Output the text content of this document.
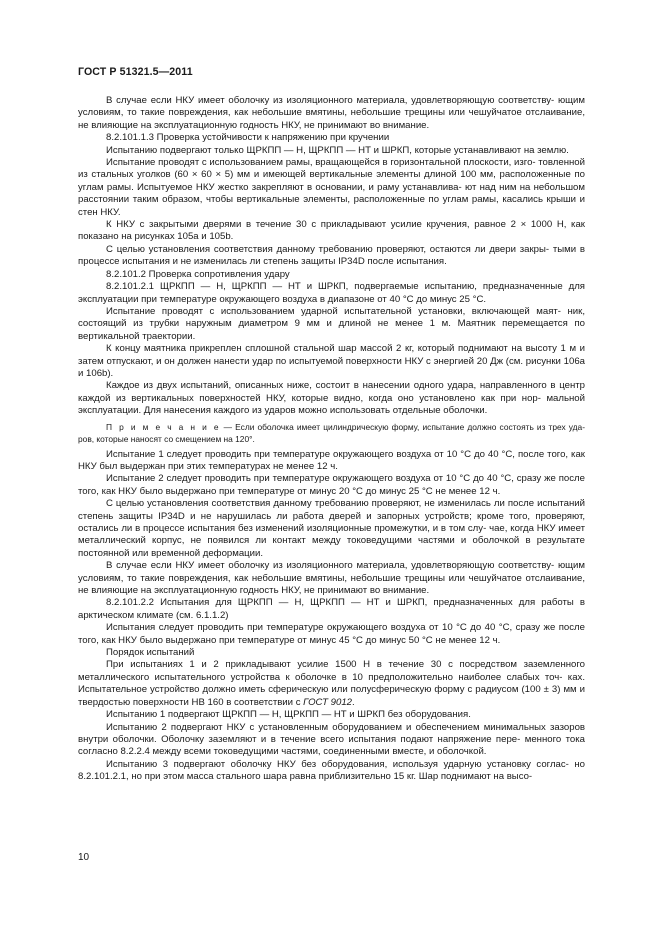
ГОСТ Р 51321.5—2011

В случае если НКУ имеет оболочку из изоляционного материала, удовлетворяющую соответству- ющим условиям, то такие повреждения, как небольшие вмятины, небольшие трещины или чешуйчатое отслаивание, не влияющие на эксплуатационную годность НКУ, не принимают во внимание.

8.2.101.1.3 Проверка устойчивости к напряжению при кручении

Испытанию подвергают только ЩРКПП — Н, ЩРКПП — НТ и ШРКП, которые устанавливают на землю.

Испытание проводят с использованием рамы, вращающейся в горизонтальной плоскости, изго- товленной из стальных уголков (60 × 60 × 5) мм и имеющей вертикальные элементы длиной 100 мм, расположенные по углам рамы. Испытуемое НКУ жестко закрепляют в основании, и раму устанавлива- ют над ним на небольшом расстоянии таким образом, чтобы вертикальные элементы, расположенные по углам рамы, касались крыши и стен НКУ.

К НКУ с закрытыми дверями в течение 30 с прикладывают усилие кручения, равное 2 × 1000 Н, как показано на рисунках 105а и 105b.

С целью установления соответствия данному требованию проверяют, остаются ли двери закры- тыми в процессе испытания и не изменилась ли степень защиты IP34D после испытания.

8.2.101.2 Проверка сопротивления удару

8.2.101.2.1 ЩРКПП — Н, ЩРКПП — НТ и ШРКП, подвергаемые испытанию, предназначенные для эксплуатации при температуре окружающего воздуха в диапазоне от 40 °С до минус 25 °С.

Испытание проводят с использованием ударной испытательной установки, включающей маят- ник, состоящий из трубки наружным диаметром 9 мм и длиной не менее 1 м. Маятник перемещается по вертикальной траектории.

К концу маятника прикреплен сплошной стальной шар массой 2 кг, который поднимают на высоту 1 м и затем отпускают, и он должен нанести удар по испытуемой поверхности НКУ с энергией 20 Дж (см. рисунки 106а и 106b).

Каждое из двух испытаний, описанных ниже, состоит в нанесении одного удара, направленного в центр каждой из вертикальных поверхностей НКУ, которые видно, когда оно установлено как при нор- мальной эксплуатации. Для нанесения каждого из ударов можно использовать отдельные оболочки.

П р и м е ч а н и е — Если оболочка имеет цилиндрическую форму, испытание должно состоять из трех уда- ров, которые наносят со смещением на 120°.

Испытание 1 следует проводить при температуре окружающего воздуха от 10 °С до 40 °С, после того, как НКУ был выдержан при этих температурах не менее 12 ч.

Испытание 2 следует проводить при температуре окружающего воздуха от 10 °С до 40 °С, сразу же после того, как НКУ было выдержано при температуре от минус 20 °С до минус 25 °С не менее 12 ч.

С целью установления соответствия данному требованию проверяют, не изменилась ли после испытаний степень защиты IP34D и не нарушилась ли работа дверей и запорных устройств; кроме того, проверяют, остались ли в процессе испытания без изменений изоляционные промежутки, и в том слу- чае, когда НКУ имеет металлический корпус, не появился ли контакт между токоведущими частями и оболочкой в результате постоянной или временной деформации.

В случае если НКУ имеет оболочку из изоляционного материала, удовлетворяющую соответству- ющим условиям, то такие повреждения, как небольшие вмятины, небольшие трещины или чешуйчатое отслаивание, не влияющие на эксплуатационную годность НКУ, не принимают во внимание.

8.2.101.2.2 Испытания для ЩРКПП — Н, ЩРКПП — НТ и ШРКП, предназначенных для работы в арктическом климате (см. 6.1.1.2)

Испытания следует проводить при температуре окружающего воздуха от 10 °С до 40 °С, сразу же после того, как НКУ было выдержано при температуре от минус 45 °С до минус 50 °С не менее 12 ч.

Порядок испытаний

При испытаниях 1 и 2 прикладывают усилие 1500 Н в течение 30 с посредством заземленного металлического испытательного устройства к оболочке в 10 предположительно наиболее слабых точ- ках. Испытательное устройство должно иметь сферическую или полусферическую форму с радиусом (100 ± 3) мм и твердостью поверхности НВ 160 в соответствии с ГОСТ 9012.

Испытанию 1 подвергают ЩРКПП — Н, ЩРКПП — НТ и ШРКП без оборудования.

Испытанию 2 подвергают НКУ с установленным оборудованием и обеспечением минимальных зазоров внутри оболочки. Оболочку заземляют и в течение всего испытания подают напряжение пере- менного тока согласно 8.2.2.4 между всеми токоведущими частями, соединенными вместе, и оболочкой.

Испытанию 3 подвергают оболочку НКУ без оборудования, используя ударную установку соглас- но 8.2.101.2.1, но при этом масса стального шара равна приблизительно 15 кг. Шар поднимают на высо-

10
